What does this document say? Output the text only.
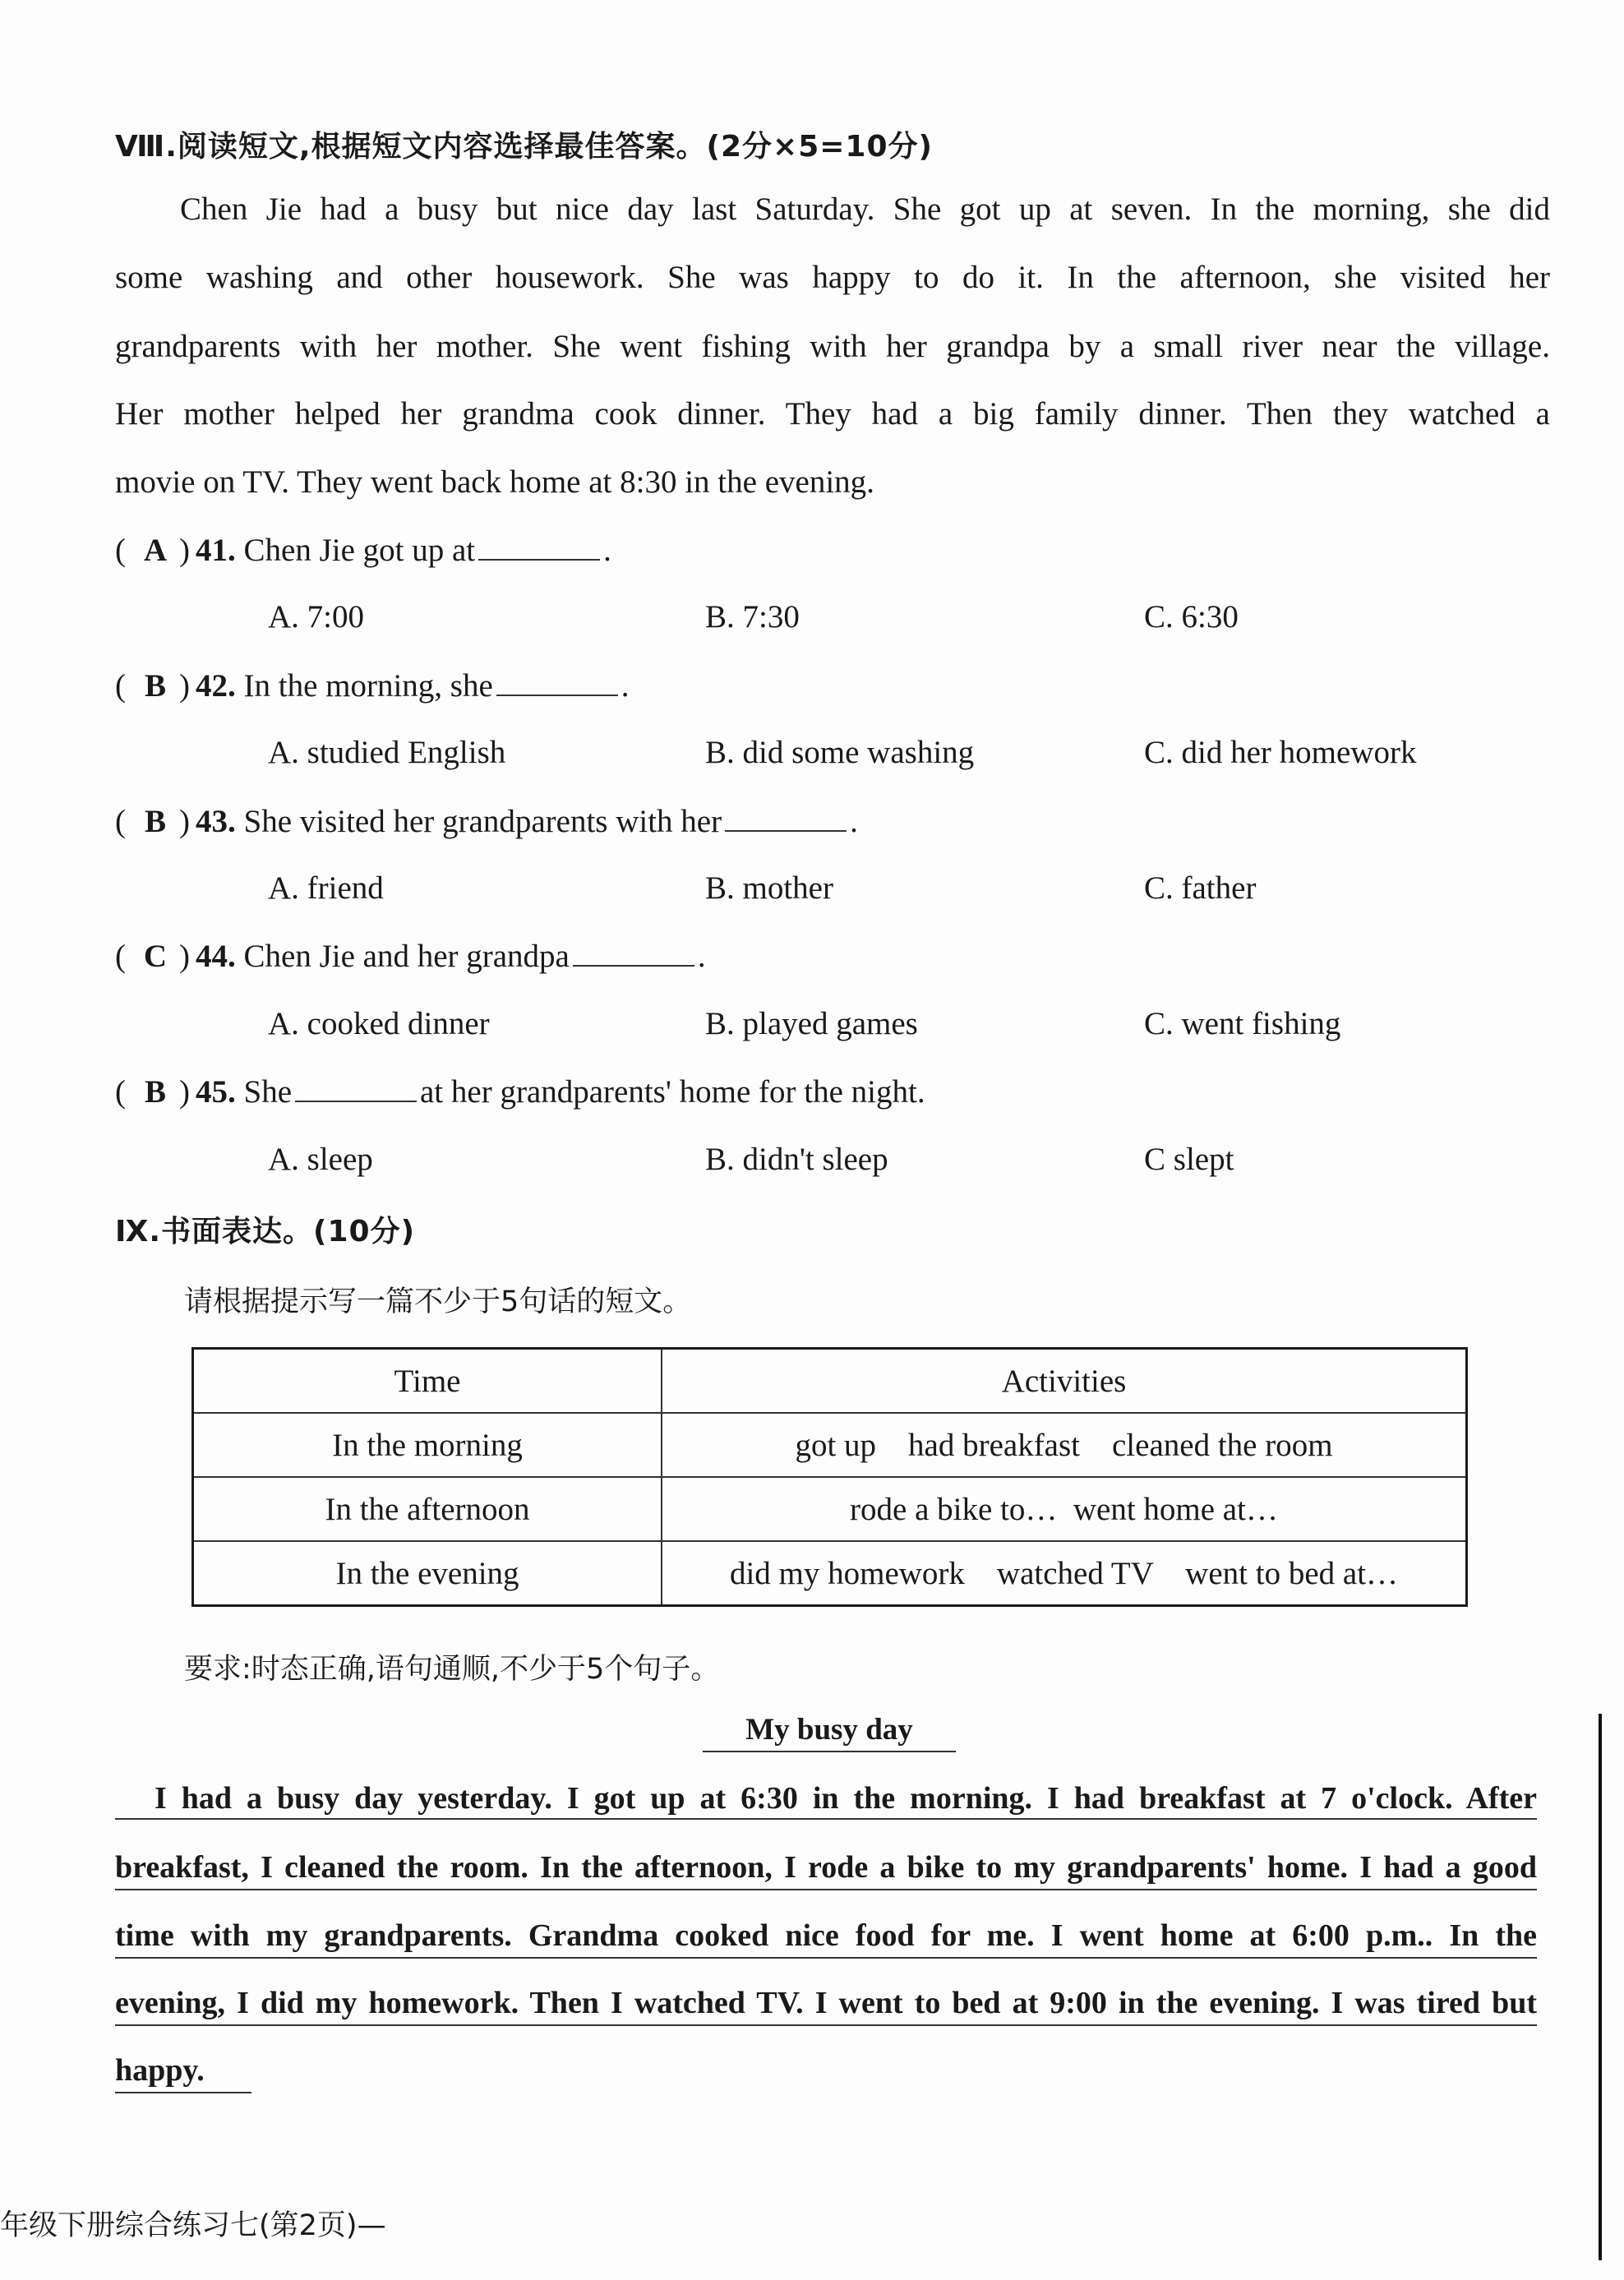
Ⅷ.阅读短文,根据短文内容选择最佳答案。(2分×5=10分)
Chen Jie had a busy but nice day last Saturday. She got up at seven. In the morning, she did
some washing and other housework. She was happy to do it. In the afternoon, she visited her
grandparents with her mother. She went fishing with her grandpa by a small river near the village.
Her mother helped her grandma cook dinner. They had a big family dinner. Then they watched a
movie on TV. They went back home at 8:30 in the evening.
( A ) 41. Chen Jie got up at	.
A. 7:00	B. 7:30	C. 6:30
( B ) 42. In the morning, she	.
A. studied English	B. did some washing	C. did her homework
( B ) 43. She visited her grandparents with her	.
A. friend	B. mother	C. father
( C ) 44. Chen Jie and her grandpa	.
A. cooked dinner	B. played games	C. went fishing
( B ) 45. She	at her grandparents' home for the night.
A. sleep	B. didn't sleep	C slept
Ⅸ.书面表达。(10分)
请根据提示写一篇不少于5句话的短文。
Time	Activities
In the morning	got up    had breakfast    cleaned the room
In the afternoon	rode a bike to…  went home at…
In the evening	did my homework    watched TV    went to bed at…
要求:时态正确,语句通顺,不少于5个句子。
My busy day
I had a busy day yesterday. I got up at 6:30 in the morning. I had breakfast at 7 o'clock. After
breakfast, I cleaned the room. In the afternoon, I rode a bike to my grandparents' home. I had a good
time with my grandparents. Grandma cooked nice food for me. I went home at 6:00 p.m.. In the
evening, I did my homework. Then I watched TV. I went to bed at 9:00 in the evening. I was tired but
happy.
年级下册综合练习七(第2页)—
